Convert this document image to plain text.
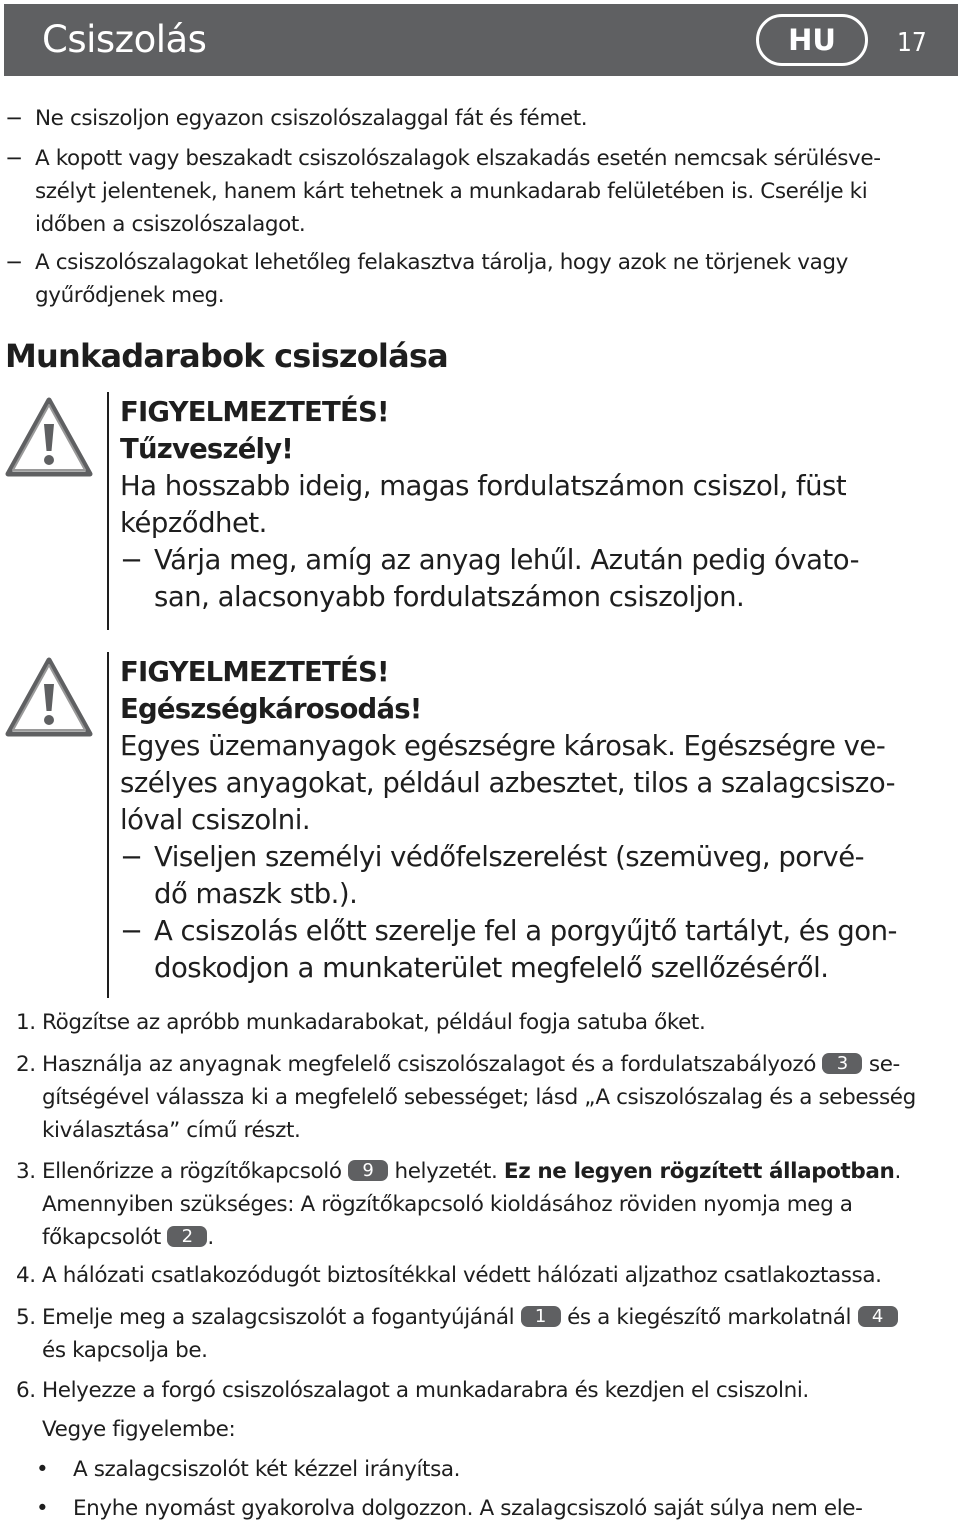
Csiszolás	HU	17
− Ne csiszoljon egyazon csiszolószalaggal fát és fémet.
− A kopott vagy beszakadt csiszolószalagok elszakadás esetén nemcsak sérülésve-
szélyt jelentenek, hanem kárt tehetnek a munkadarab felületében is. Cserélje ki
időben a csiszolószalagot.
− A csiszolószalagokat lehetőleg felakasztva tárolja, hogy azok ne törjenek vagy
gyűrődjenek meg.
Munkadarabok csiszolása
FIGYELMEZTETÉS!
Tűzveszély!
Ha hosszabb ideig, magas fordulatszámon csiszol, füst
képződhet.
− Várja meg, amíg az anyag lehűl. Azután pedig óvato-
san, alacsonyabb fordulatszámon csiszoljon.
FIGYELMEZTETÉS!
Egészségkárosodás!
Egyes üzemanyagok egészségre károsak. Egészségre ve-
szélyes anyagokat, például azbesztet, tilos a szalagcsiszo-
lóval csiszolni.
− Viseljen személyi védőfelszerelést (szemüveg, porvé-
dő maszk stb.).
− A csiszolás előtt szerelje fel a porgyűjtő tartályt, és gon-
doskodjon a munkaterület megfelelő szellőzéséről.
1. Rögzítse az apróbb munkadarabokat, például fogja satuba őket.
2. Használja az anyagnak megfelelő csiszolószalagot és a fordulatszabályozó 3 se-
gítségével válassza ki a megfelelő sebességet; lásd „A csiszolószalag és a sebesség
kiválasztása” című részt.
3. Ellenőrizze a rögzítőkapcsoló 9 helyzetét. Ez ne legyen rögzített állapotban.
Amennyiben szükséges: A rögzítőkapcsoló kioldásához röviden nyomja meg a
főkapcsolót 2 .
4. A hálózati csatlakozódugót biztosítékkal védett hálózati aljzathoz csatlakoztassa.
5. Emelje meg a szalagcsiszolót a fogantyújánál 1 és a kiegészítő markolatnál 4
és kapcsolja be.
6. Helyezze a forgó csiszolószalagot a munkadarabra és kezdjen el csiszolni.
Vegye figyelembe:
• A szalagcsiszolót két kézzel irányítsa.
• Enyhe nyomást gyakorolva dolgozzon. A szalagcsiszoló saját súlya nem ele-
